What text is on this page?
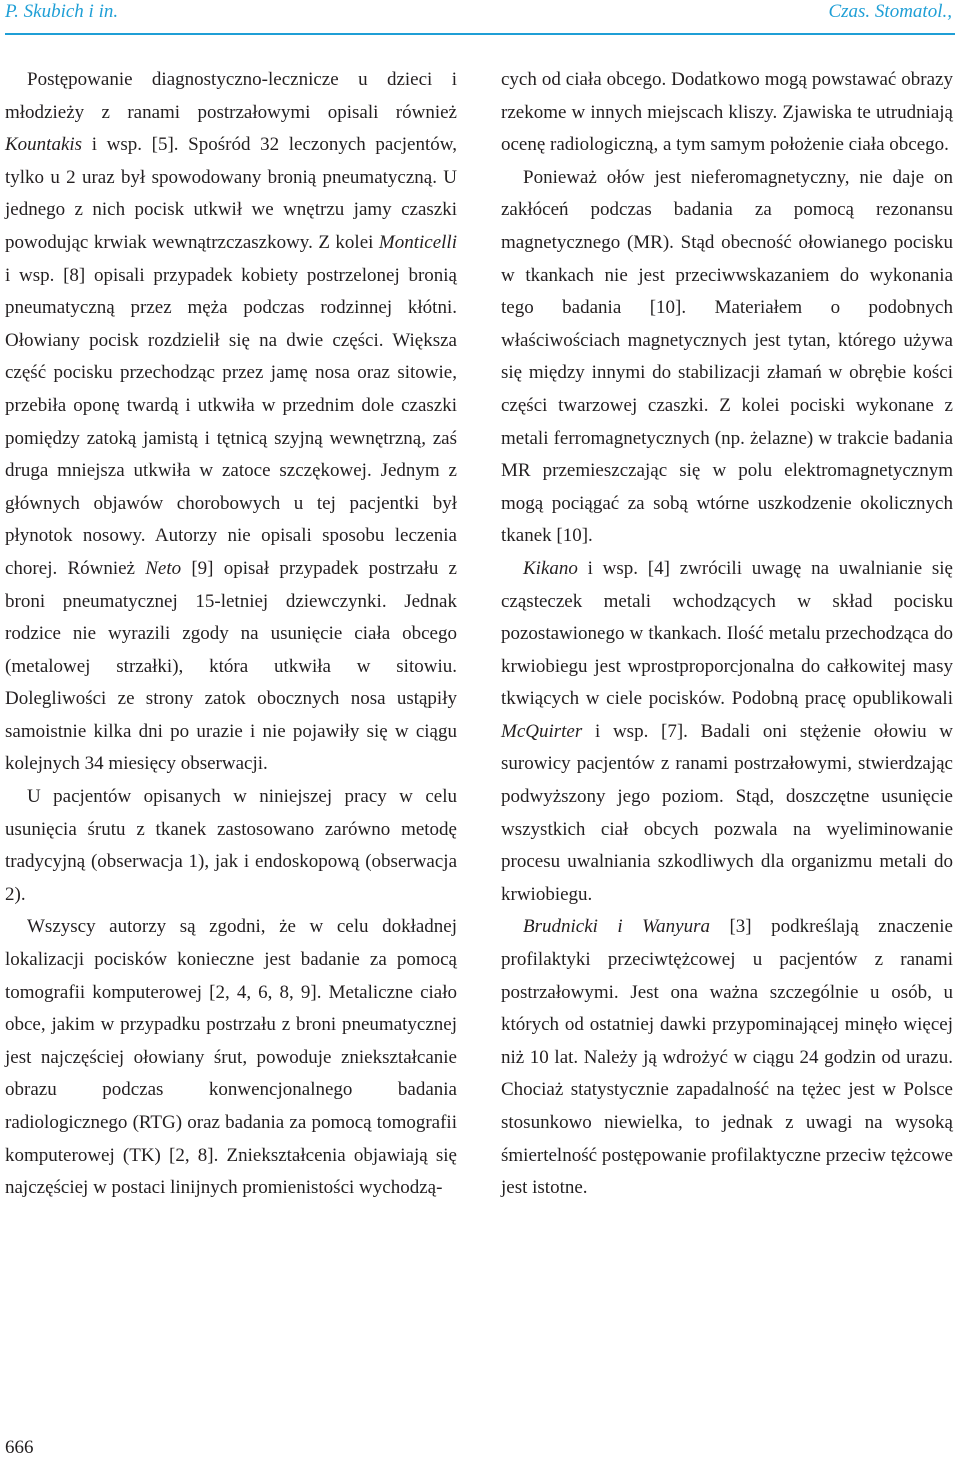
P. Skubich i in.	Czas. Stomatol.,

Postępowanie diagnostyczno-lecznicze u dzieci i młodzieży z ranami postrzałowymi opisali również Kountakis i wsp. [5]. Spośród 32 leczonych pacjentów, tylko u 2 uraz był spowodowany bronią pneumatyczną. U jednego z nich pocisk utkwił we wnętrzu jamy czaszki powodując krwiak wewnątrzczaszkowy. Z kolei Monticelli i wsp. [8] opisali przypadek kobiety postrzelonej bronią pneumatyczną przez męża podczas rodzinnej kłótni. Ołowiany pocisk rozdzielił się na dwie części. Większa część pocisku przechodząc przez jamę nosa oraz sitowie, przebiła oponę twardą i utkwiła w przednim dole czaszki pomiędzy zatoką jamistą i tętnicą szyjną wewnętrzną, zaś druga mniejsza utkwiła w zatoce szczękowej. Jednym z głównych objawów chorobowych u tej pacjentki był płynotok nosowy. Autorzy nie opisali sposobu leczenia chorej. Również Neto [9] opisał przypadek postrzału z broni pneumatycznej 15-letniej dziewczynki. Jednak rodzice nie wyrazili zgody na usunięcie ciała obcego (metalowej strzałki), która utkwiła w sitowiu. Dolegliwości ze strony zatok obocznych nosa ustąpiły samoistnie kilka dni po urazie i nie pojawiły się w ciągu kolejnych 34 miesięcy obserwacji.

U pacjentów opisanych w niniejszej pracy w celu usunięcia śrutu z tkanek zastosowano zarówno metodę tradycyjną (obserwacja 1), jak i endoskopową (obserwacja 2).

Wszyscy autorzy są zgodni, że w celu dokładnej lokalizacji pocisków konieczne jest badanie za pomocą tomografii komputerowej [2, 4, 6, 8, 9]. Metaliczne ciało obce, jakim w przypadku postrzału z broni pneumatycznej jest najczęściej ołowiany śrut, powoduje zniekształcanie obrazu podczas konwencjonalnego badania radiologicznego (RTG) oraz badania za pomocą tomografii komputerowej (TK) [2, 8]. Zniekształcenia objawiają się najczęściej w postaci linijnych promienistości wychodzą-

cych od ciała obcego. Dodatkowo mogą powstawać obrazy rzekome w innych miejscach kliszy. Zjawiska te utrudniają ocenę radiologiczną, a tym samym położenie ciała obcego.

Ponieważ ołów jest nieferomagnetyczny, nie daje on zakłóceń podczas badania za pomocą rezonansu magnetycznego (MR). Stąd obecność ołowianego pocisku w tkankach nie jest przeciwwskazaniem do wykonania tego badania [10]. Materiałem o podobnych właściwościach magnetycznych jest tytan, którego używa się między innymi do stabilizacji złamań w obrębie kości części twarzowej czaszki. Z kolei pociski wykonane z metali ferromagnetycznych (np. żelazne) w trakcie badania MR przemieszczając się w polu elektromagnetycznym mogą pociągać za sobą wtórne uszkodzenie okolicznych tkanek [10].

Kikano i wsp. [4] zwrócili uwagę na uwalnianie się cząsteczek metali wchodzących w skład pocisku pozostawionego w tkankach. Ilość metalu przechodząca do krwiobiegu jest wprostproporcjonalna do całkowitej masy tkwiących w ciele pocisków. Podobną pracę opublikowali McQuirter i wsp. [7]. Badali oni stężenie ołowiu w surowicy pacjentów z ranami postrzałowymi, stwierdzając podwyższony jego poziom. Stąd, doszczętne usunięcie wszystkich ciał obcych pozwala na wyeliminowanie procesu uwalniania szkodliwych dla organizmu metali do krwiobiegu.

Brudnicki i Wanyura [3] podkreślają znaczenie profilaktyki przeciwtężcowej u pacjentów z ranami postrzałowymi. Jest ona ważna szczególnie u osób, u których od ostatniej dawki przypominającej minęło więcej niż 10 lat. Należy ją wdrożyć w ciągu 24 godzin od urazu. Chociaż statystycznie zapadalność na tężec jest w Polsce stosunkowo niewielka, to jednak z uwagi na wysoką śmiertelność postępowanie profilaktyczne przeciw tężcowe jest istotne.

666
